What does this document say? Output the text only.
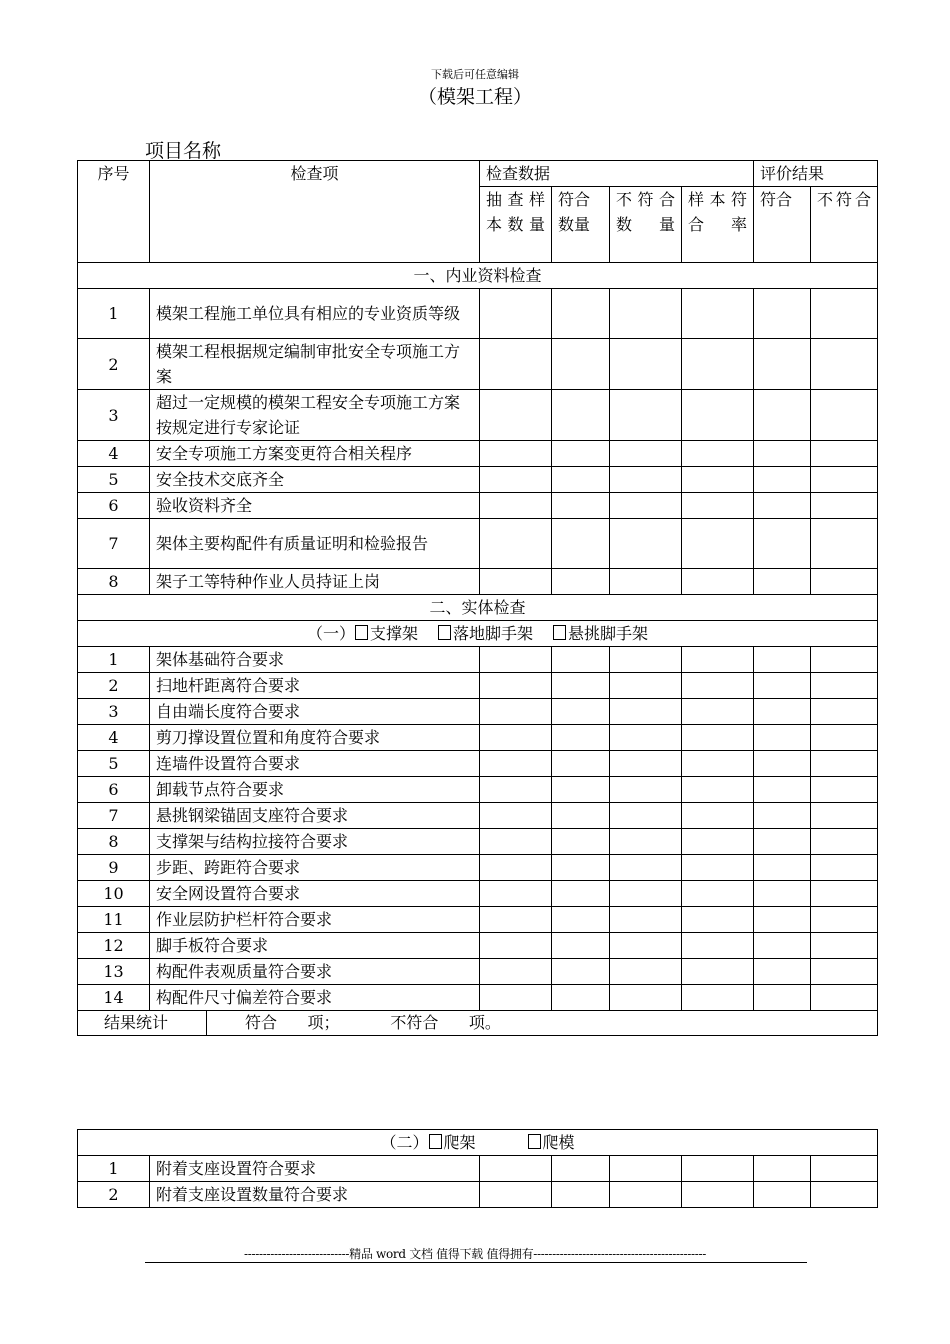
下载后可任意编辑
（模架工程）
项目名称
序号	检查项	检查数据				评价结果	
		抽查样本数量	符合数量	不符合数量	样本符合率	符合	不符合
一、内业资料检查							
1	模架工程施工单位具有相应的专业资质等级						
2	模架工程根据规定编制审批安全专项施工方案						
3	超过一定规模的模架工程安全专项施工方案按规定进行专家论证						
4	安全专项施工方案变更符合相关程序						
5	安全技术交底齐全						
6	验收资料齐全						
7	架体主要构配件有质量证明和检验报告						
8	架子工等特种作业人员持证上岗						
二、实体检查							
（一） 支撑架 落地脚手架 悬挑脚手架							
1	架体基础符合要求						
2	扫地杆距离符合要求						
3	自由端长度符合要求						
4	剪刀撑设置位置和角度符合要求						
5	连墙件设置符合要求						
6	卸载节点符合要求						
7	悬挑钢梁锚固支座符合要求						
8	支撑架与结构拉接符合要求						
9	步距、跨距符合要求						
10	安全网设置符合要求						
11	作业层防护栏杆符合要求						
12	脚手板符合要求						
13	构配件表观质量符合要求						
14	构配件尺寸偏差符合要求						

结果统计 符合      项；          不符合      项。							
（二） 爬架 爬模							
1	附着支座设置符合要求						
2	附着支座设置数量符合要求						
----------------------------精品 word 文档 值得下载 值得拥有----------------------------------------------
